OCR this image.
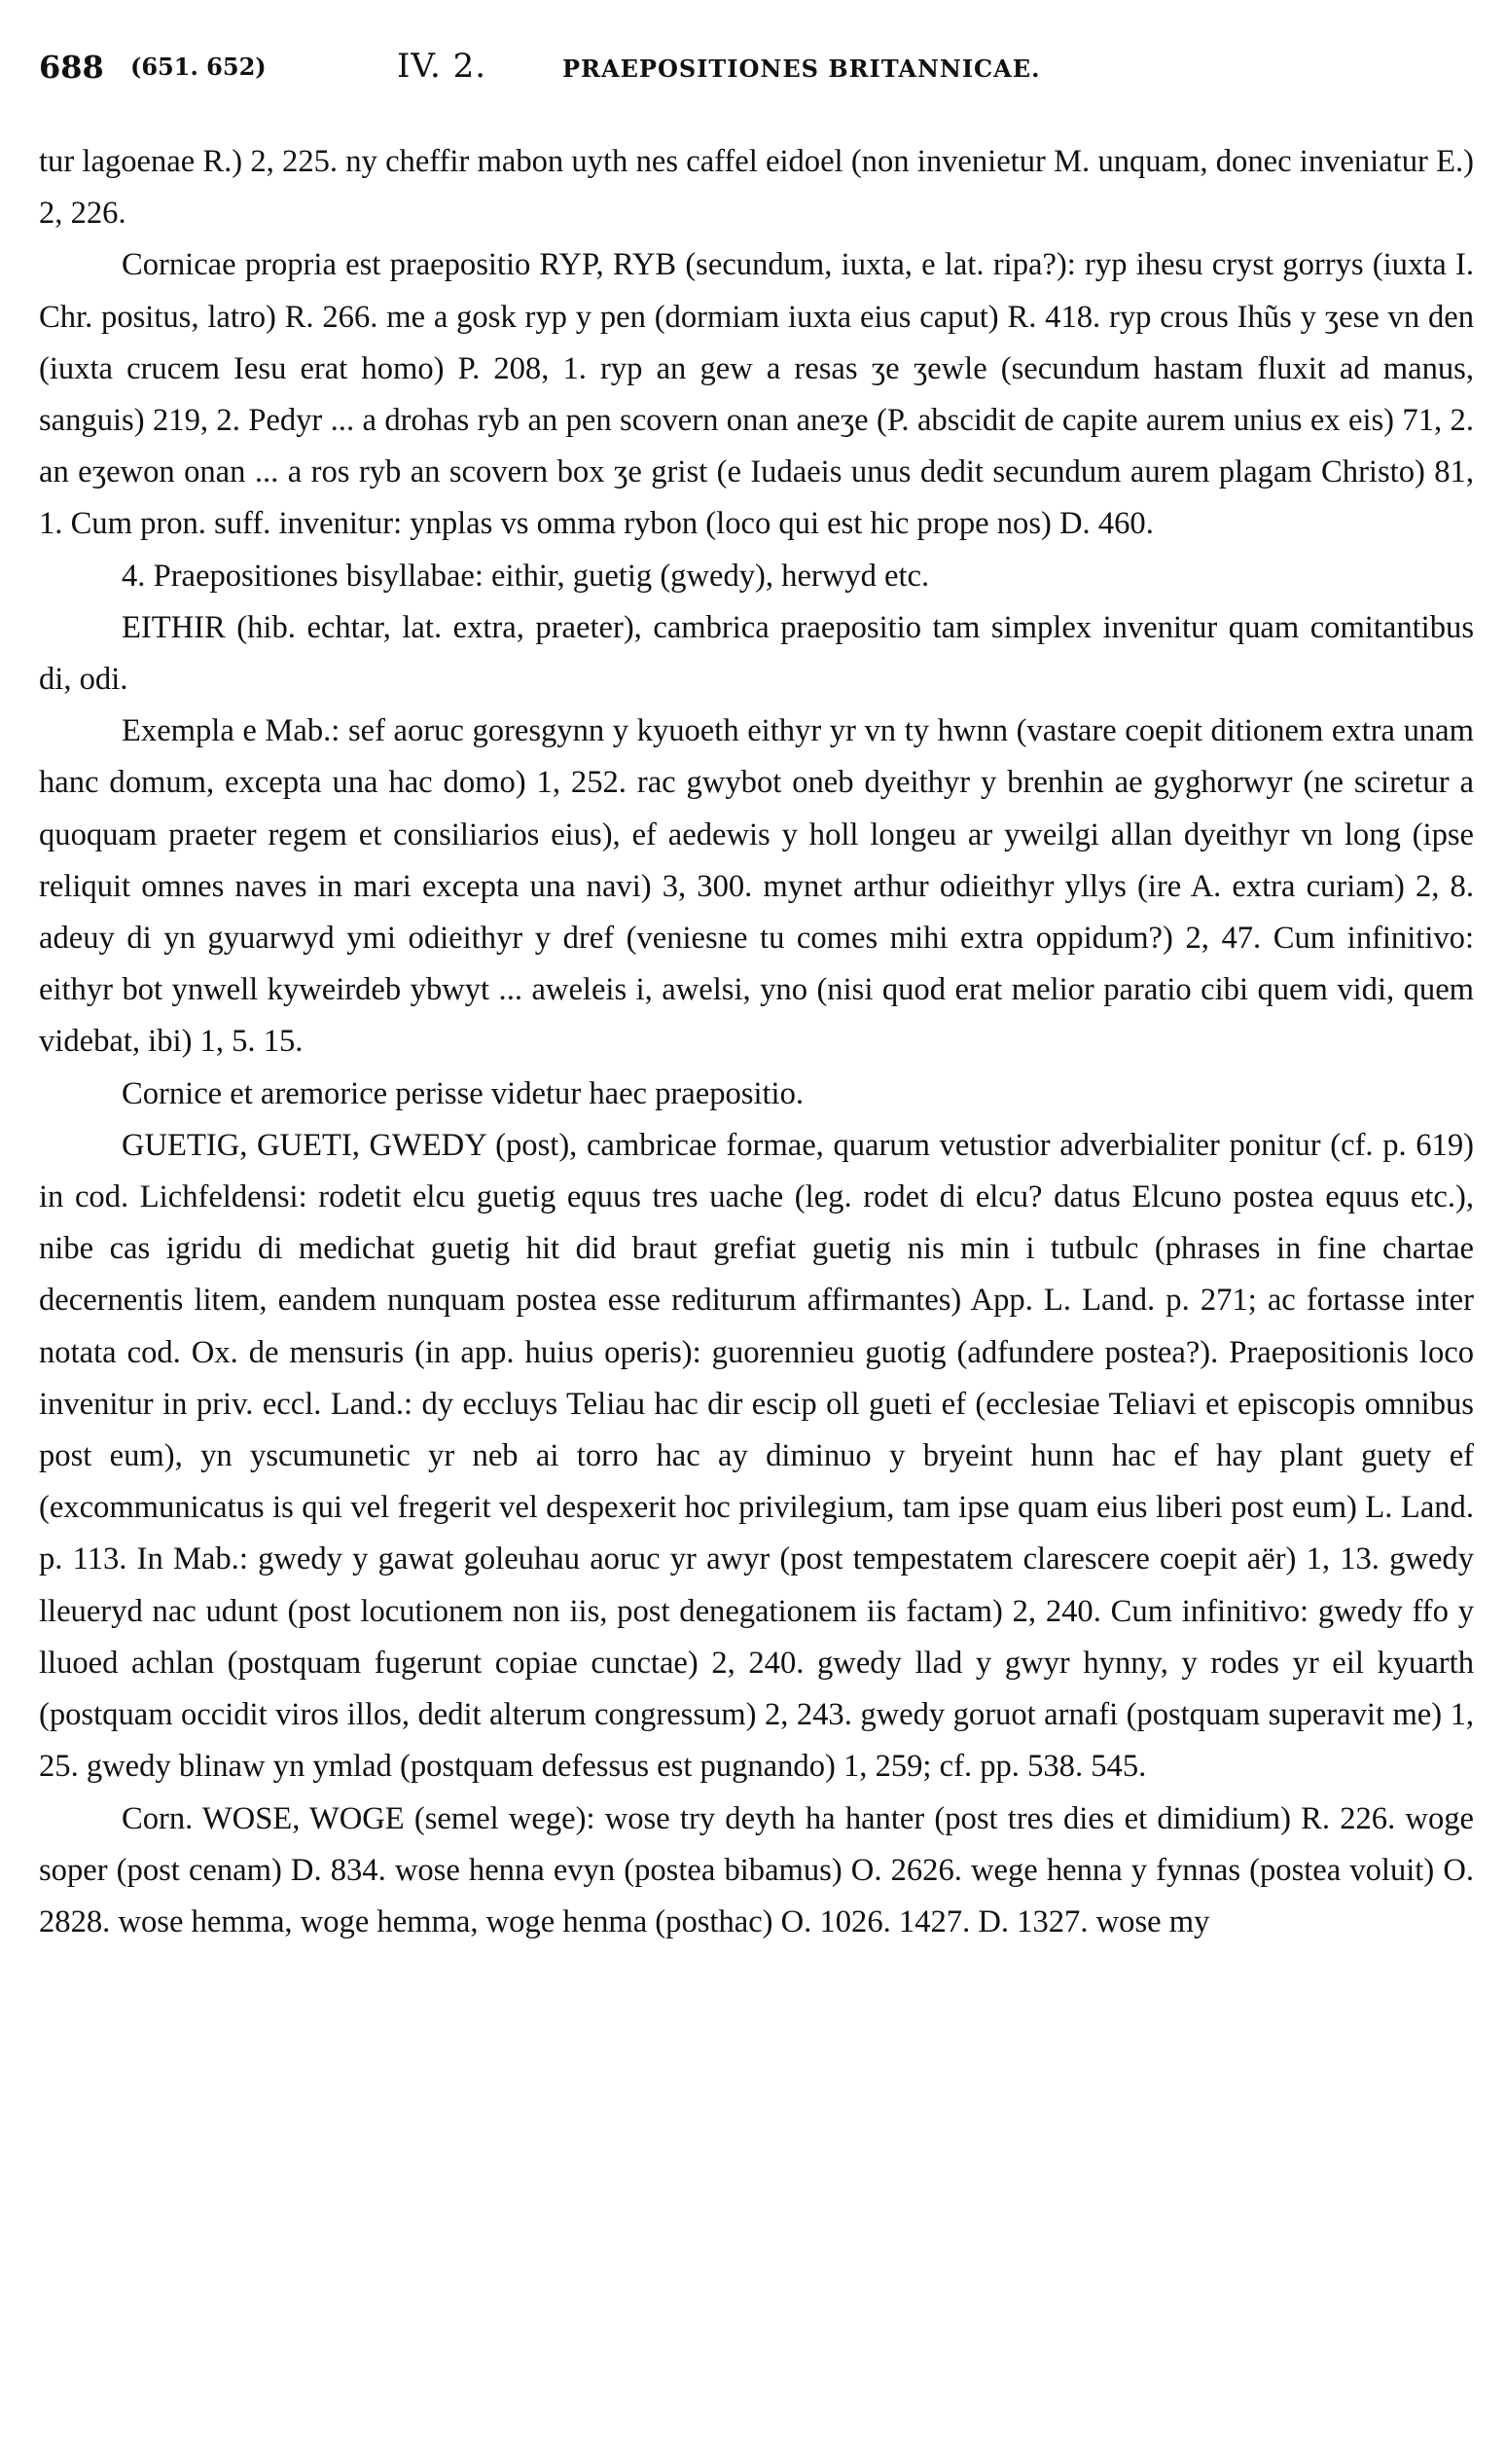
688 (651. 652)	IV. 2.	PRAEPOSITIONES BRITANNICAE.

tur lagoenae R.) 2, 225. ny cheffir mabon uyth nes caffel eidoel (non invenietur M. unquam, donec inveniatur E.) 2, 226.

Cornicae propria est praepositio RYP, RYB (secundum, iuxta, e lat. ripa?): ryp ihesu cryst gorrys (iuxta I. Chr. positus, latro) R. 266. me a gosk ryp y pen (dormiam iuxta eius caput) R. 418. ryp crous Ihũs y ʒese vn den (iuxta crucem Iesu erat homo) P. 208, 1. ryp an gew a resas ʒe ʒewle (secundum hastam fluxit ad manus, sanguis) 219, 2. Pedyr ... a drohas ryb an pen scovern onan aneʒe (P. abscidit de capite aurem unius ex eis) 71, 2. an eʒewon onan ... a ros ryb an scovern box ʒe grist (e Iudaeis unus dedit secundum aurem plagam Christo) 81, 1. Cum pron. suff. invenitur: ynplas vs omma rybon (loco qui est hic prope nos) D. 460.

4. Praepositiones bisyllabae: eithir, guetig (gwedy), herwyd etc.

EITHIR (hib. echtar, lat. extra, praeter), cambrica praepositio tam simplex invenitur quam comitantibus di, odi.

Exempla e Mab.: sef aoruc goresgynn y kyuoeth eithyr yr vn ty hwnn (vastare coepit ditionem extra unam hanc domum, excepta una hac domo) 1, 252. rac gwybot oneb dyeithyr y brenhin ae gyghorwyr (ne sciretur a quoquam praeter regem et consiliarios eius), ef aedewis y holl longeu ar yweilgi allan dyeithyr vn long (ipse reliquit omnes naves in mari excepta una navi) 3, 300. mynet arthur odieithyr yllys (ire A. extra curiam) 2, 8. adeuy di yn gyuarwyd ymi odieithyr y dref (veniesne tu comes mihi extra oppidum?) 2, 47. Cum infinitivo: eithyr bot ynwell kyweirdeb ybwyt ... aweleis i, awelsi, yno (nisi quod erat melior paratio cibi quem vidi, quem videbat, ibi) 1, 5. 15.

Cornice et aremorice perisse videtur haec praepositio.

GUETIG, GUETI, GWEDY (post), cambricae formae, quarum vetustior adverbialiter ponitur (cf. p. 619) in cod. Lichfeldensi: rodetit elcu guetig equus tres uache (leg. rodet di elcu? datus Elcuno postea equus etc.), nibe cas igridu di medichat guetig hit did braut grefiat guetig nis min i tutbulc (phrases in fine chartae decernentis litem, eandem nunquam postea esse rediturum affirmantes) App. L. Land. p. 271; ac fortasse inter notata cod. Ox. de mensuris (in app. huius operis): guorennieu guotig (adfundere postea?). Praepositionis loco invenitur in priv. eccl. Land.: dy eccluys Teliau hac dir escip oll gueti ef (ecclesiae Teliavi et episcopis omnibus post eum), yn yscumunetic yr neb ai torro hac ay diminuo y bryeint hunn hac ef hay plant guety ef (excommunicatus is qui vel fregerit vel despexerit hoc privilegium, tam ipse quam eius liberi post eum) L. Land. p. 113. In Mab.: gwedy y gawat goleuhau aoruc yr awyr (post tempestatem clarescere coepit aër) 1, 13. gwedy lleueryd nac udunt (post locutionem non iis, post denegationem iis factam) 2, 240. Cum infinitivo: gwedy ffo y lluoed achlan (postquam fugerunt copiae cunctae) 2, 240. gwedy llad y gwyr hynny, y rodes yr eil kyuarth (postquam occidit viros illos, dedit alterum congressum) 2, 243. gwedy goruot arnafi (postquam superavit me) 1, 25. gwedy blinaw yn ymlad (postquam defessus est pugnando) 1, 259; cf. pp. 538. 545.

Corn. WOSE, WOGE (semel wege): wose try deyth ha hanter (post tres dies et dimidium) R. 226. woge soper (post cenam) D. 834. wose henna evyn (postea bibamus) O. 2626. wege henna y fynnas (postea voluit) O. 2828. wose hemma, woge hemma, woge henma (posthac) O. 1026. 1427. D. 1327. wose my
